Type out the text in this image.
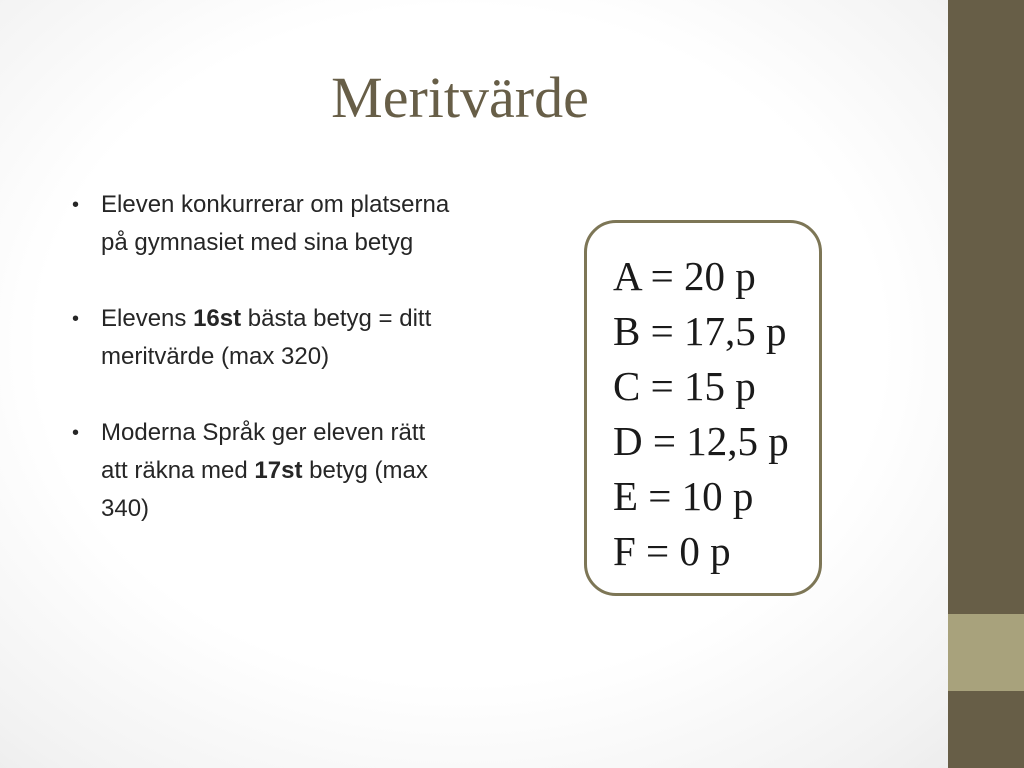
Meritvärde
• Eleven konkurrerar om platserna på gymnasiet med sina betyg
• Elevens 16st bästa betyg = ditt meritvärde (max 320)
• Moderna Språk ger eleven rätt att räkna med 17st betyg (max 340)
A = 20 p
B = 17,5 p
C = 15 p
D = 12,5 p
E = 10 p
F = 0 p
